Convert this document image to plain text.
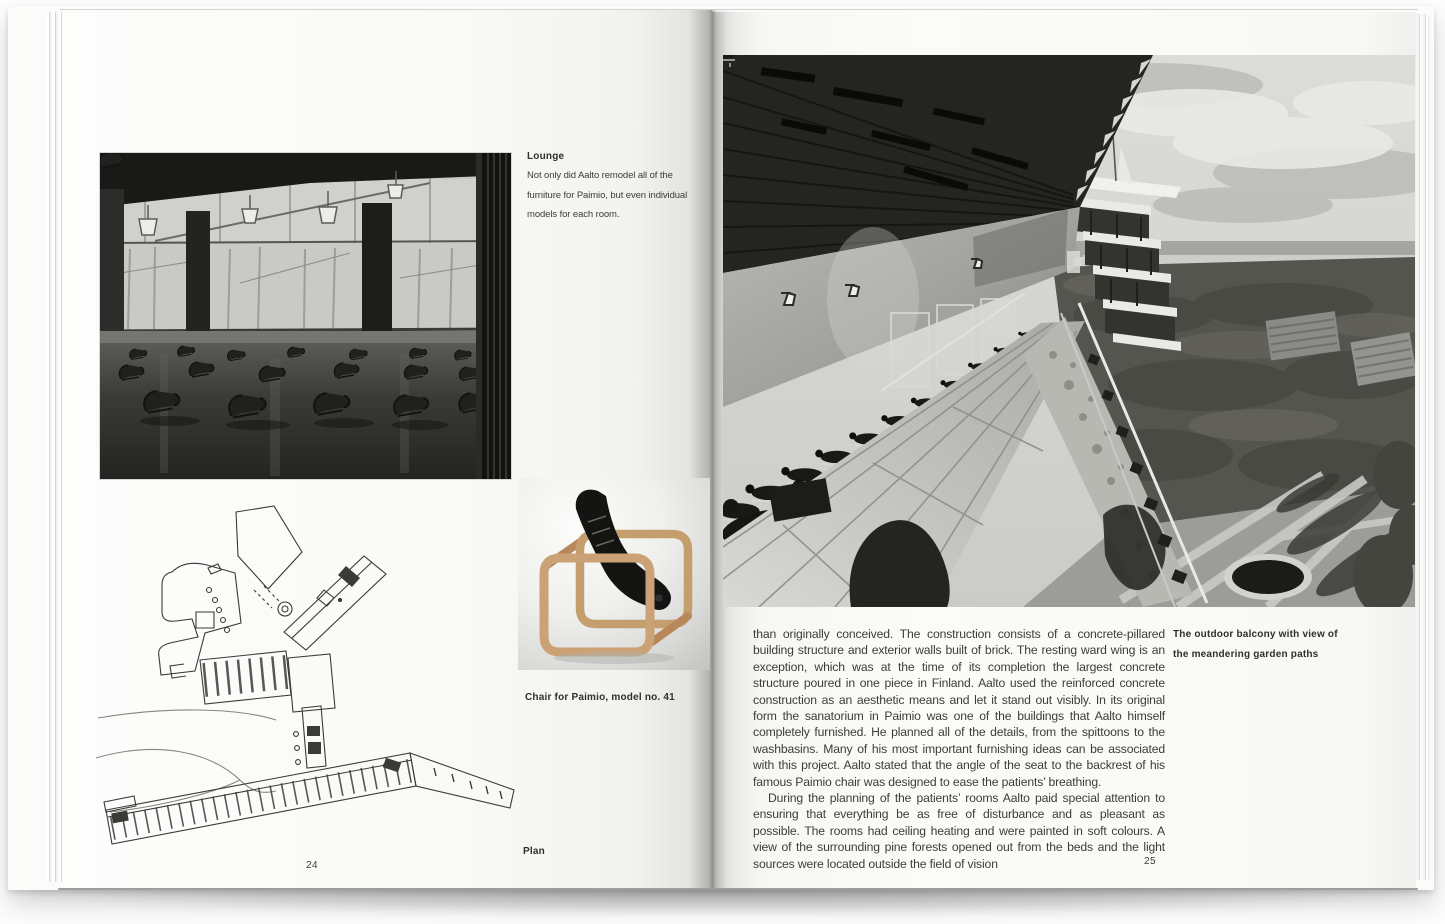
Lounge
Not only did Aalto remodel all of the furniture for Paimio, but even individual models for each room.
Chair for Paimio, model no. 41
Plan
24

than originally conceived. The construction consists of a concrete-pillared building structure and exterior walls built of brick. The resting ward wing is an exception, which was at the time of its completion the largest concrete structure poured in one piece in Finland. Aalto used the reinforced concrete construction as an aesthetic means and let it stand out visibly. In its original form the sanatorium in Paimio was one of the buildings that Aalto himself completely furnished. He planned all of the details, from the spittoons to the washbasins. Many of his most important furnishing ideas can be associated with this project. Aalto stated that the angle of the seat to the backrest of his famous Paimio chair was designed to ease the patients’ breathing.

During the planning of the patients’ rooms Aalto paid special attention to ensuring that everything be as free of disturbance and as pleasant as possible. The rooms had ceiling heating and were painted in soft colours. A view of the surrounding pine forests opened out from the beds and the light sources were located outside the field of vision

The outdoor balcony with view of the meandering garden paths
25
